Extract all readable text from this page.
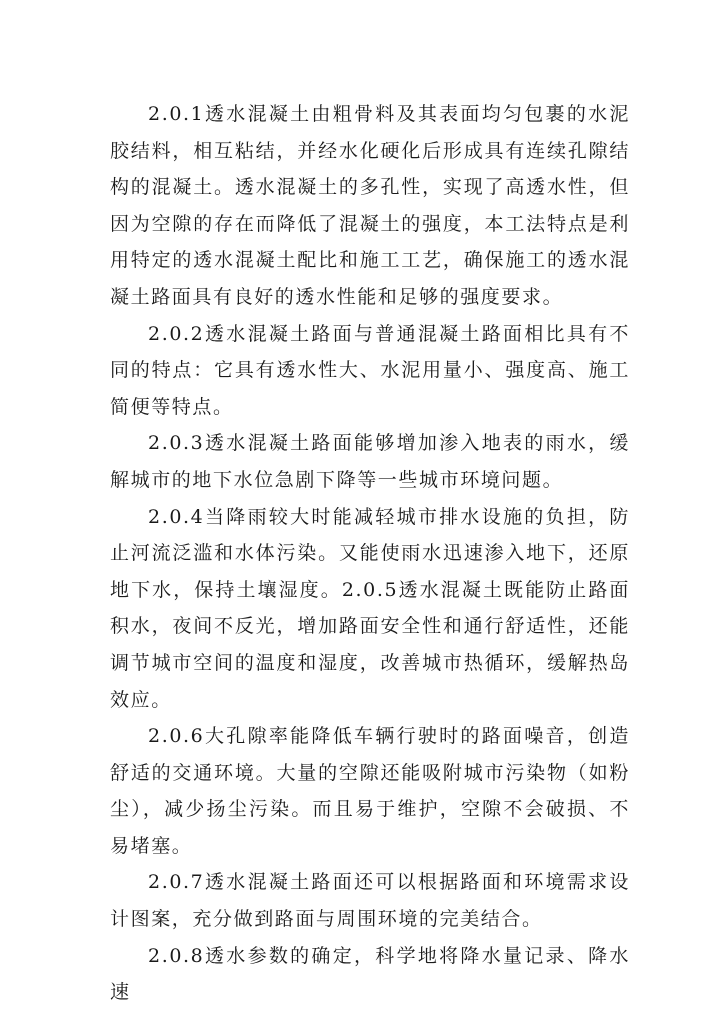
2.0.1透水混凝土由粗骨料及其表面均匀包裹的水泥胶结料，相互粘结，并经水化硬化后形成具有连续孔隙结构的混凝土。透水混凝土的多孔性，实现了高透水性，但因为空隙的存在而降低了混凝土的强度，本工法特点是利用特定的透水混凝土配比和施工工艺，确保施工的透水混凝土路面具有良好的透水性能和足够的强度要求。

2.0.2透水混凝土路面与普通混凝土路面相比具有不同的特点：它具有透水性大、水泥用量小、强度高、施工简便等特点。

2.0.3透水混凝土路面能够增加渗入地表的雨水，缓解城市的地下水位急剧下降等一些城市环境问题。

2.0.4当降雨较大时能减轻城市排水设施的负担，防止河流泛滥和水体污染。又能使雨水迅速渗入地下，还原地下水，保持土壤湿度。2.0.5透水混凝土既能防止路面积水，夜间不反光，增加路面安全性和通行舒适性，还能调节城市空间的温度和湿度，改善城市热循环，缓解热岛效应。

2.0.6大孔隙率能降低车辆行驶时的路面噪音，创造舒适的交通环境。大量的空隙还能吸附城市污染物（如粉尘），减少扬尘污染。而且易于维护，空隙不会破损、不易堵塞。

2.0.7透水混凝土路面还可以根据路面和环境需求设计图案，充分做到路面与周围环境的完美结合。

2.0.8透水参数的确定，科学地将降水量记录、降水速
